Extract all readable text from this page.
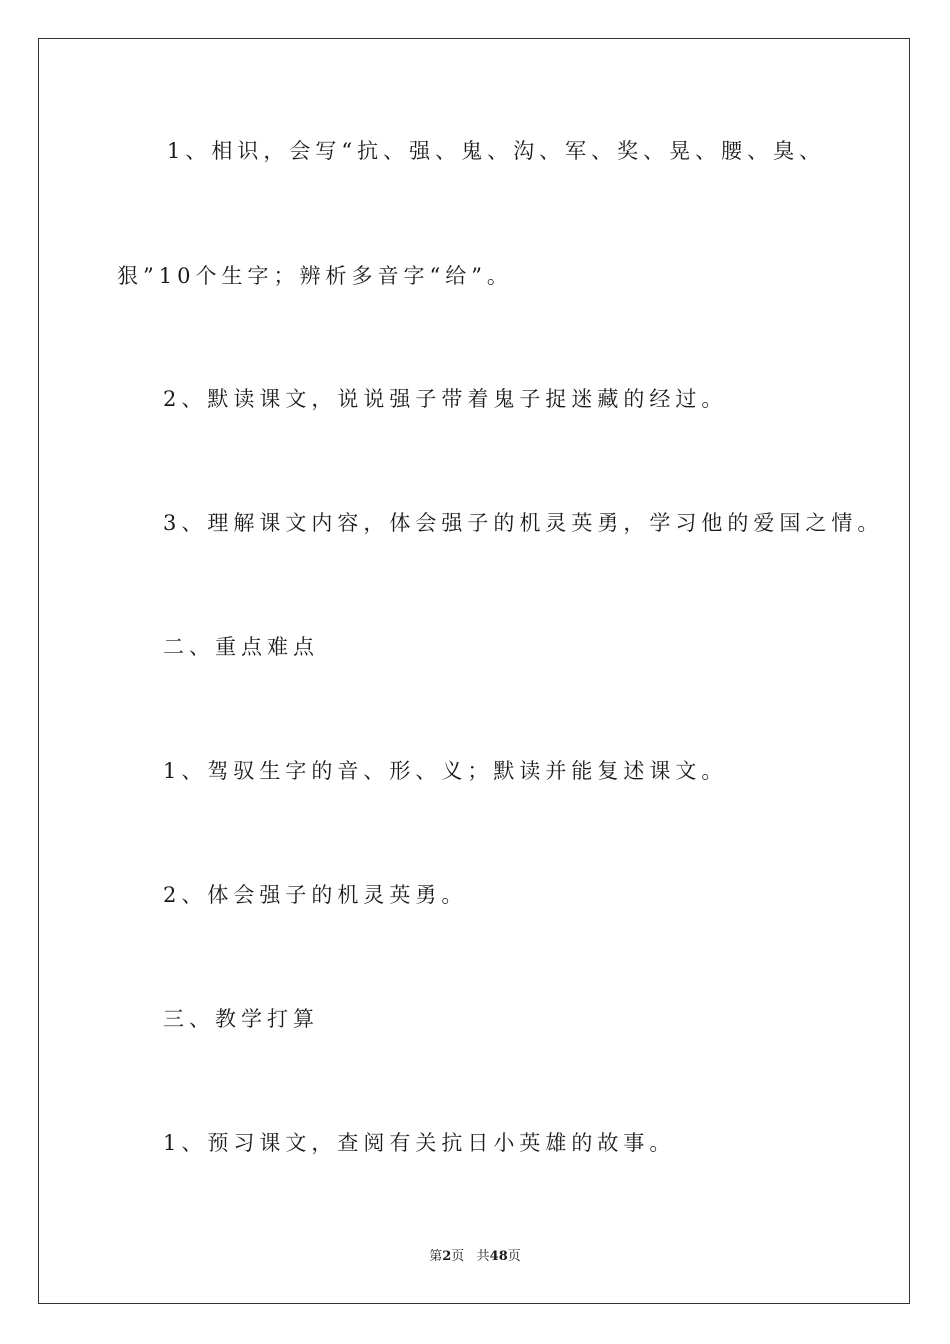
1、相识，会写“抗、强、鬼、沟、军、奖、晃、腰、臭、
狠”10个生字；辨析多音字“给”。
2、默读课文，说说强子带着鬼子捉迷藏的经过。
3、理解课文内容，体会强子的机灵英勇，学习他的爱国之情。
二、重点难点
1、驾驭生字的音、形、义；默读并能复述课文。
2、体会强子的机灵英勇。
三、教学打算
1、预习课文，查阅有关抗日小英雄的故事。
第2页   共48页
